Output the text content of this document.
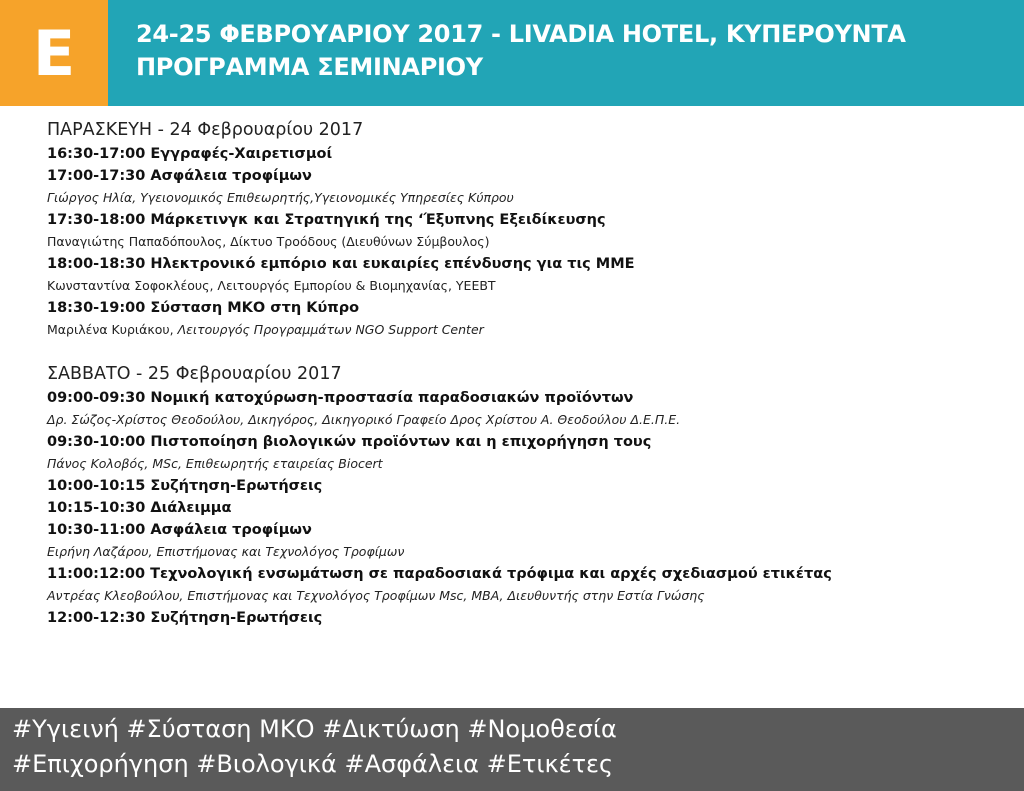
E	24-25 ΦΕΒΡΟΥΑΡΙΟΥ 2017 - LIVADIA HOTEL, ΚΥΠΕΡΟΥΝΤΑ
ΠΡΟΓΡΑΜΜΑ ΣΕΜΙΝΑΡΙΟΥ
ΠΑΡΑΣΚΕΥΗ - 24 Φεβρουαρίου 2017
16:30-17:00 Εγγραφές-Χαιρετισμοί
17:00-17:30 Ασφάλεια τροφίμων
Γιώργος Ηλία, Υγειονομικός Επιθεωρητής,Υγειονομικές Υπηρεσίες Κύπρου
17:30-18:00 Μάρκετινγκ και Στρατηγική της ‘Έξυπνης Εξειδίκευσης
Παναγιώτης Παπαδόπουλος, Δίκτυο Τροόδους (Διευθύνων Σύμβουλος)
18:00-18:30 Ηλεκτρονικό εμπόριο και ευκαιρίες επένδυσης για τις ΜΜΕ
Κωνσταντίνα Σοφοκλέους, Λειτουργός Εμπορίου & Βιομηχανίας, ΥΕΕΒΤ
18:30-19:00 Σύσταση ΜΚΟ στη Κύπρο
Μαριλένα Κυριάκου, Λειτουργός Προγραμμάτων NGO Support Center
ΣΑΒΒΑΤΟ - 25 Φεβρουαρίου 2017
09:00-09:30 Νομική κατοχύρωση-προστασία παραδοσιακών προϊόντων
Δρ. Σώζος-Χρίστος Θεοδούλου, Δικηγόρος, Δικηγορικό Γραφείο Δρος Χρίστου Α. Θεοδούλου Δ.Ε.Π.Ε.
09:30-10:00 Πιστοποίηση βιολογικών προϊόντων και η επιχορήγηση τους
Πάνος Κολοβός, MSc, Επιθεωρητής εταιρείας Biocert
10:00-10:15 Συζήτηση-Ερωτήσεις
10:15-10:30 Διάλειμμα
10:30-11:00 Ασφάλεια τροφίμων
Ειρήνη Λαζάρου, Επιστήμονας και Τεχνολόγος Τροφίμων
11:00:12:00 Τεχνολογική ενσωμάτωση σε παραδοσιακά τρόφιμα και αρχές σχεδιασμού ετικέτας
Αντρέας Κλεοβούλου, Επιστήμονας και Τεχνολόγος Τροφίμων Msc, MBA, Διευθυντής στην Εστία Γνώσης
12:00-12:30 Συζήτηση-Ερωτήσεις
#Υγιεινή #Σύσταση ΜΚΟ #Δικτύωση #Νομοθεσία
#Επιχορήγηση #Βιολογικά #Ασφάλεια #Ετικέτες
